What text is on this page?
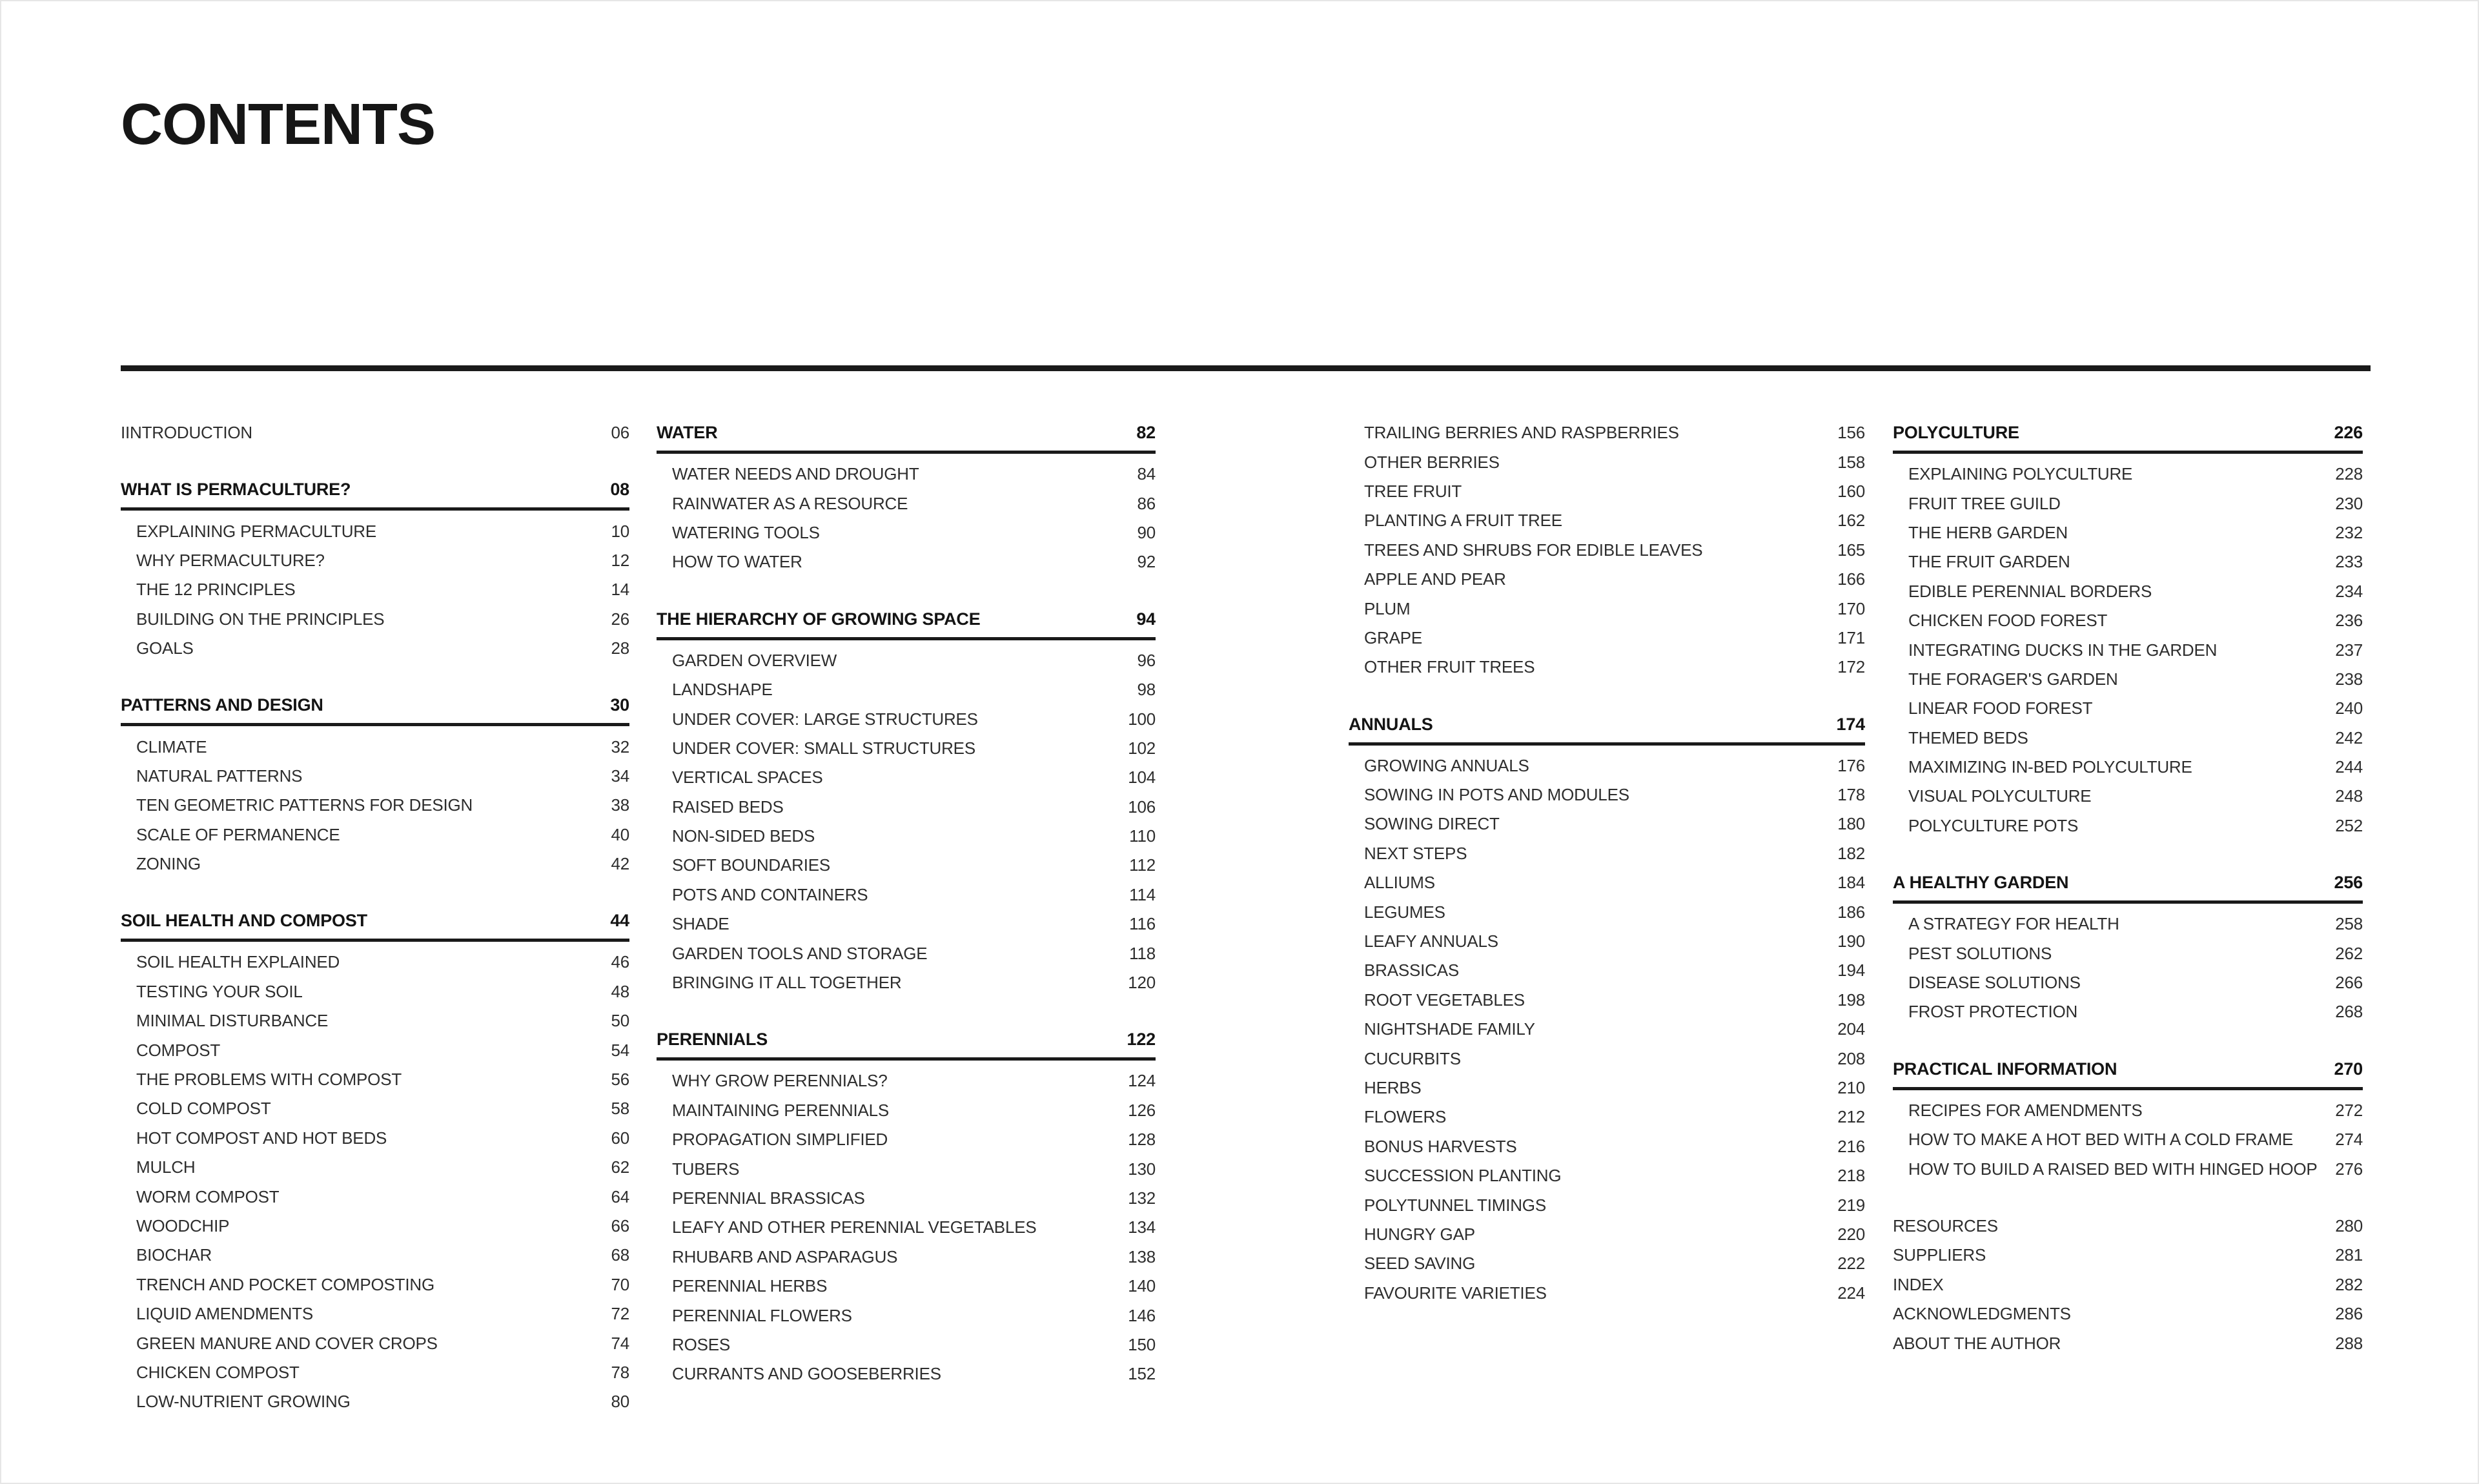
CONTENTS
IINTRODUCTION	06
WHAT IS PERMACULTURE?	08
EXPLAINING PERMACULTURE	10
WHY PERMACULTURE?	12
THE 12 PRINCIPLES	14
BUILDING ON THE PRINCIPLES	26
GOALS	28
PATTERNS AND DESIGN	30
CLIMATE	32
NATURAL PATTERNS	34
TEN GEOMETRIC PATTERNS FOR DESIGN	38
SCALE OF PERMANENCE	40
ZONING	42
SOIL HEALTH AND COMPOST	44
SOIL HEALTH EXPLAINED	46
TESTING YOUR SOIL	48
MINIMAL DISTURBANCE	50
COMPOST	54
THE PROBLEMS WITH COMPOST	56
COLD COMPOST	58
HOT COMPOST AND HOT BEDS	60
MULCH	62
WORM COMPOST	64
WOODCHIP	66
BIOCHAR	68
TRENCH AND POCKET COMPOSTING	70
LIQUID AMENDMENTS	72
GREEN MANURE AND COVER CROPS	74
CHICKEN COMPOST	78
LOW-NUTRIENT GROWING	80
WATER	82
WATER NEEDS AND DROUGHT	84
RAINWATER AS A RESOURCE	86
WATERING TOOLS	90
HOW TO WATER	92
THE HIERARCHY OF GROWING SPACE	94
GARDEN OVERVIEW	96
LANDSHAPE	98
UNDER COVER: LARGE STRUCTURES	100
UNDER COVER: SMALL STRUCTURES	102
VERTICAL SPACES	104
RAISED BEDS	106
NON-SIDED BEDS	110
SOFT BOUNDARIES	112
POTS AND CONTAINERS	114
SHADE	116
GARDEN TOOLS AND STORAGE	118
BRINGING IT ALL TOGETHER	120
PERENNIALS	122
WHY GROW PERENNIALS?	124
MAINTAINING PERENNIALS	126
PROPAGATION SIMPLIFIED	128
TUBERS	130
PERENNIAL BRASSICAS	132
LEAFY AND OTHER PERENNIAL VEGETABLES	134
RHUBARB AND ASPARAGUS	138
PERENNIAL HERBS	140
PERENNIAL FLOWERS	146
ROSES	150
CURRANTS AND GOOSEBERRIES	152
TRAILING BERRIES AND RASPBERRIES	156
OTHER BERRIES	158
TREE FRUIT	160
PLANTING A FRUIT TREE	162
TREES AND SHRUBS FOR EDIBLE LEAVES	165
APPLE AND PEAR	166
PLUM	170
GRAPE	171
OTHER FRUIT TREES	172
ANNUALS	174
GROWING ANNUALS	176
SOWING IN POTS AND MODULES	178
SOWING DIRECT	180
NEXT STEPS	182
ALLIUMS	184
LEGUMES	186
LEAFY ANNUALS	190
BRASSICAS	194
ROOT VEGETABLES	198
NIGHTSHADE FAMILY	204
CUCURBITS	208
HERBS	210
FLOWERS	212
BONUS HARVESTS	216
SUCCESSION PLANTING	218
POLYTUNNEL TIMINGS	219
HUNGRY GAP	220
SEED SAVING	222
FAVOURITE VARIETIES	224
POLYCULTURE	226
EXPLAINING POLYCULTURE	228
FRUIT TREE GUILD	230
THE HERB GARDEN	232
THE FRUIT GARDEN	233
EDIBLE PERENNIAL BORDERS	234
CHICKEN FOOD FOREST	236
INTEGRATING DUCKS IN THE GARDEN	237
THE FORAGER'S GARDEN	238
LINEAR FOOD FOREST	240
THEMED BEDS	242
MAXIMIZING IN-BED POLYCULTURE	244
VISUAL POLYCULTURE	248
POLYCULTURE POTS	252
A HEALTHY GARDEN	256
A STRATEGY FOR HEALTH	258
PEST SOLUTIONS	262
DISEASE SOLUTIONS	266
FROST PROTECTION	268
PRACTICAL INFORMATION	270
RECIPES FOR AMENDMENTS	272
HOW TO MAKE A HOT BED WITH A COLD FRAME	274
HOW TO BUILD A RAISED BED WITH HINGED HOOP	276
RESOURCES	280
SUPPLIERS	281
INDEX	282
ACKNOWLEDGMENTS	286
ABOUT THE AUTHOR	288
